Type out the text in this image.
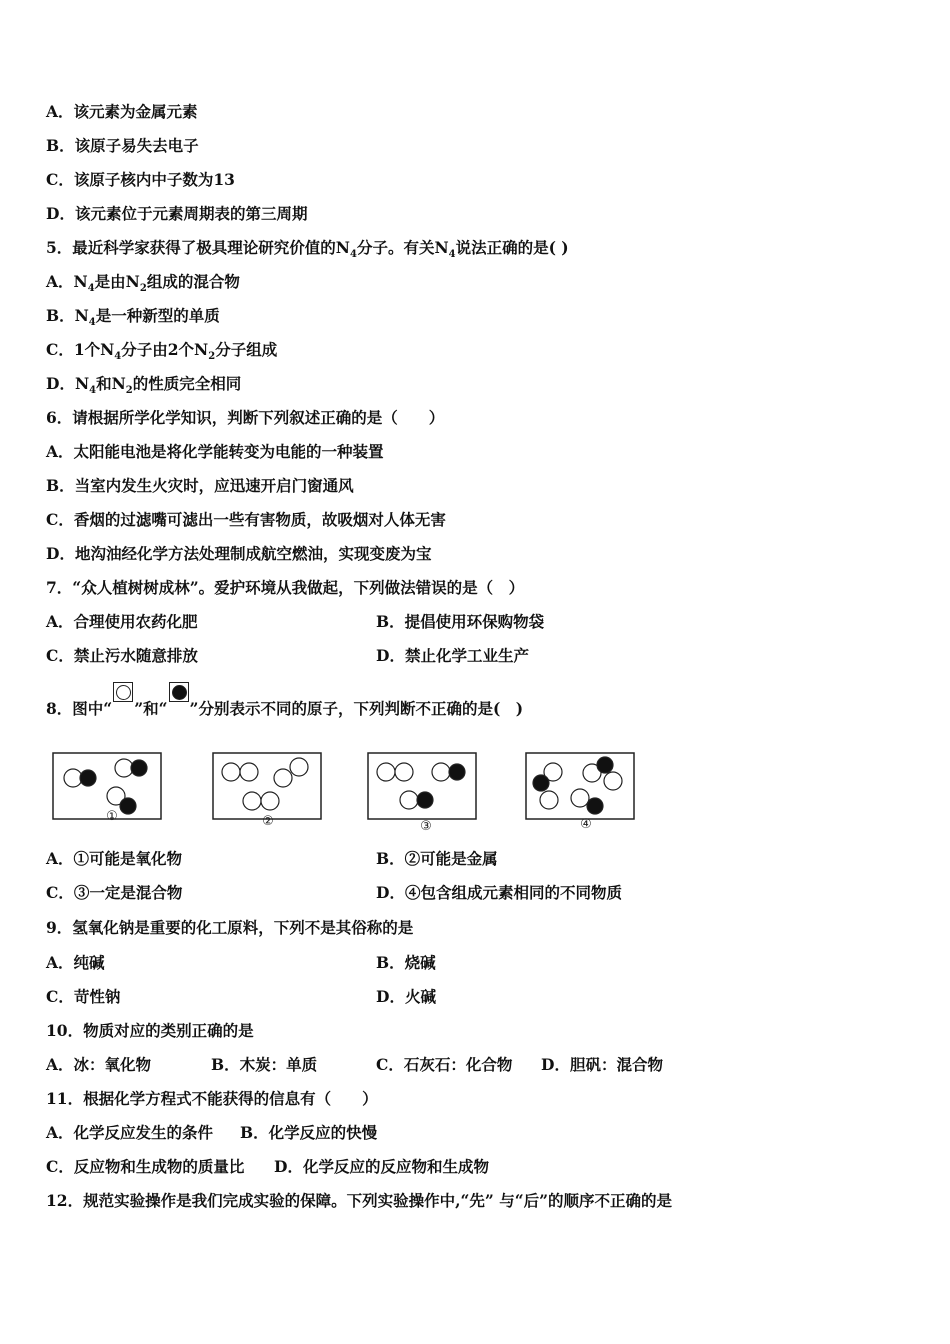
A．该元素为金属元素
B．该原子易失去电子
C．该原子核内中子数为13
D．该元素位于元素周期表的第三周期
5．最近科学家获得了极具理论研究价值的$N_4$分子。有关$N_4$说法正确的是( )
A．$N_4$是由$N_2$组成的混合物
B．$N_4$是一种新型的单质
C．1个$N_4$分子由2个$N_2$分子组成
D．$N_4$和$N_2$的性质完全相同
6．请根据所学化学知识，判断下列叙述正确的是（　　）
A．太阳能电池是将化学能转变为电能的一种装置
B．当室内发生火灾时，应迅速开启门窗通风
C．香烟的过滤嘴可滤出一些有害物质，故吸烟对人体无害
D．地沟油经化学方法处理制成航空燃油，实现变废为宝
7．“众人植树树成林”。爱护环境从我做起，下列做法错误的是（　）
A．合理使用农药化肥	B．提倡使用环保购物袋
C．禁止污水随意排放	D．禁止化学工业生产
8．图中“ ”和“ ”分别表示不同的原子，下列判断不正确的是(　)
①	②	③	④
A．①可能是氧化物	B．②可能是金属
C．③一定是混合物	D．④包含组成元素相同的不同物质
9．氢氧化钠是重要的化工原料，下列不是其俗称的是
A．纯碱	B．烧碱
C．苛性钠	D．火碱
10．物质对应的类别正确的是
A．冰：氧化物	B．木炭：单质	C．石灰石：化合物 D．胆矾：混合物
11．根据化学方程式不能获得的信息有（　　）
A．化学反应发生的条件 B．化学反应的快慢
C．反应物和生成物的质量比 D．化学反应的反应物和生成物
12．规范实验操作是我们完成实验的保障。下列实验操作中,“先” 与“后”的顺序不正确的是
